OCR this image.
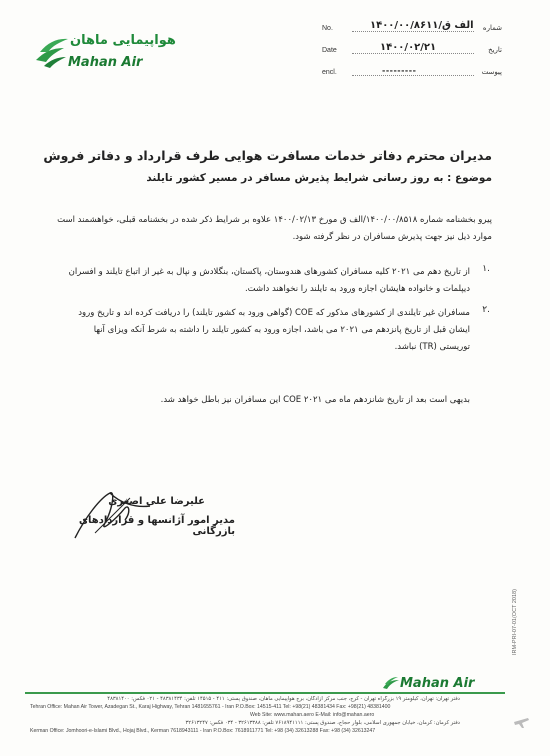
هواپیمایی ماهان
Mahan Air
No.	۱۴۰۰/۰۰/۸۶۱۱/الف ق شماره
Date	۱۴۰۰/۰۲/۲۱	تاریخ
encl.	---------	پیوست
مدیران محترم دفاتر خدمات مسافرت هوایی طرف قرارداد و دفاتر فروش
موضوع : به روز رسانی شرایط پذیرش مسافر در مسیر کشور تایلند
پیرو بخشنامه شماره ۱۴۰۰/۰۰/۸۵۱۸/الف ق مورخ ۱۴۰۰/۰۲/۱۳ علاوه بر شرایط ذکر شده در بخشنامه قبلی، خواهشمند است موارد ذیل نیز جهت پذیرش مسافران در نظر گرفته شود.
از تاریخ دهم می ۲۰۲۱ کلیه مسافران کشورهای هندوستان، پاکستان، بنگلادش و نپال به غیر از اتباع تایلند و افسران دیپلمات و خانواده هایشان اجازه ورود به تایلند را نخواهند داشت.
۱.
مسافران غیر تایلندی از کشورهای مذکور که COE (گواهی ورود به کشور تایلند) را دریافت کرده اند و تاریخ ورود ایشان قبل از تاریخ پانزدهم می ۲۰۲۱ می باشد، اجازه ورود به کشور تایلند را داشته به شرط آنکه ویزای آنها توریستی (TR) نباشد.
۲.
بدیهی است بعد از تاریخ شانزدهم ماه می ۲۰۲۱ COE این مسافران نیز باطل خواهد شد.
علیرضا علی اصغری
مدیر امور آژانسها و قراردادهای بازرگانی
IRM-PRI-07-01(OCT 2018)
Mahan Air
دفتر تهران: تهران، کیلومتر ۱۹ بزرگراه تهران - کرج، جنب مرکز آزادگان، برج هواپیمایی ماهان، صندوق پستی: ۴۱۱ - ۱۴۵۱۵ تلفن: ۴۸۳۸۱۴۳۴ - ۰۲۱ فکس: ۴۸۳۸۱۴۰۰
Tehran Office: Mahan Air Tower, Azadegan St., Karaj Highway, Tehran 1481655761 - Iran P.O.Box: 14515-411 Tel: +98(21) 48381434 Fax: +98(21) 48381400
Web Site: www.mahan.aero E-Mail: info@mahan.aero
دفتر کرمان: کرمان، خیابان جمهوری اسلامی، بلوار حجاج، صندوق پستی: ۷۶۱۸۹۴۱۱۱۱ تلفن: ۳۲۶۱۳۳۸۸ - ۰۳۴ فکس: ۳۲۶۱۳۲۴۷
Kerman Office: Jomhoori-e-Islami Blvd., Hojaj Blvd., Kerman 7618943111 - Iran P.O.Box: 7618911771 Tel: +98 (34) 32613288 Fax: +98 (34) 32613247
